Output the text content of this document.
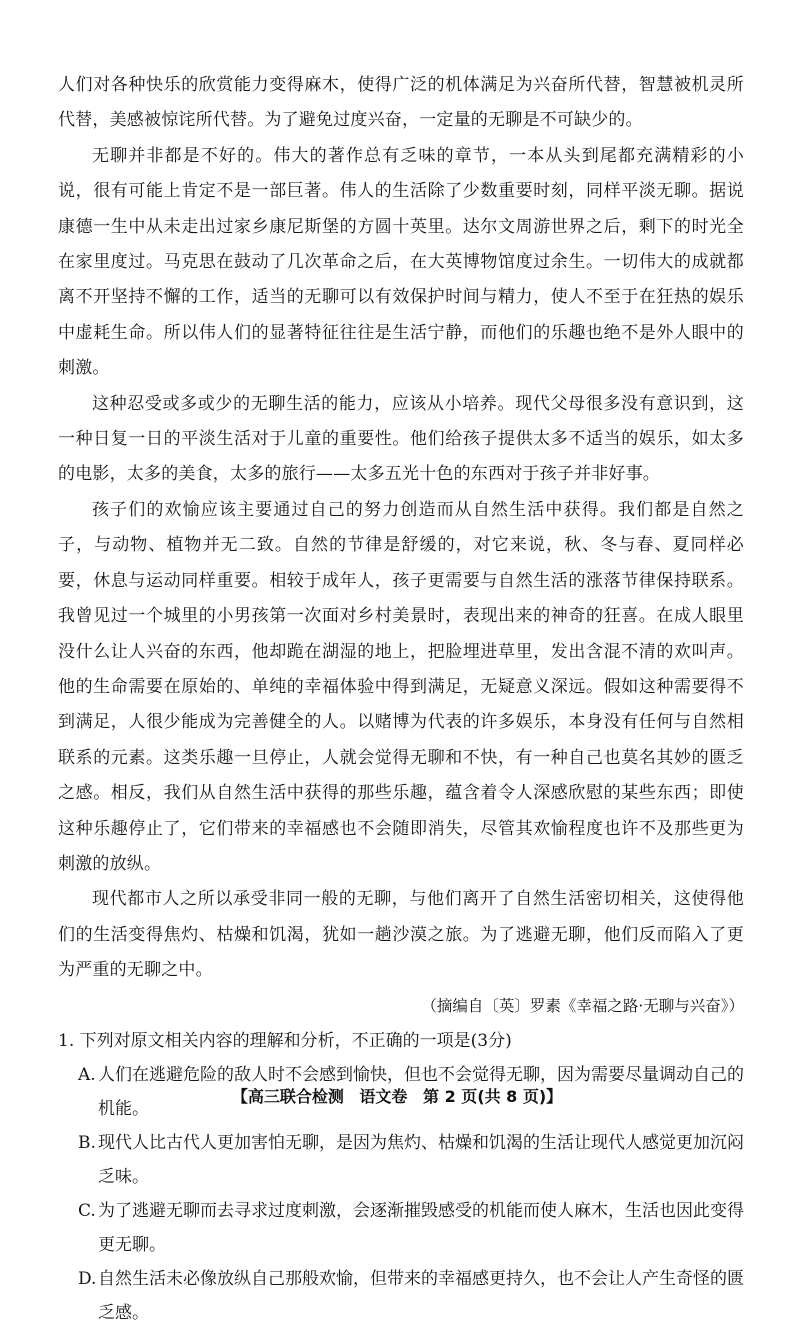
人们对各种快乐的欣赏能力变得麻木，使得广泛的机体满足为兴奋所代替，智慧被机灵所代替，美感被惊诧所代替。为了避免过度兴奋，一定量的无聊是不可缺少的。

无聊并非都是不好的。伟大的著作总有乏味的章节，一本从头到尾都充满精彩的小说，很有可能上肯定不是一部巨著。伟人的生活除了少数重要时刻，同样平淡无聊。据说康德一生中从未走出过家乡康尼斯堡的方圆十英里。达尔文周游世界之后，剩下的时光全在家里度过。马克思在鼓动了几次革命之后，在大英博物馆度过余生。一切伟大的成就都离不开坚持不懈的工作，适当的无聊可以有效保护时间与精力，使人不至于在狂热的娱乐中虚耗生命。所以伟人们的显著特征往往是生活宁静，而他们的乐趣也绝不是外人眼中的刺激。

这种忍受或多或少的无聊生活的能力，应该从小培养。现代父母很多没有意识到，这一种日复一日的平淡生活对于儿童的重要性。他们给孩子提供太多不适当的娱乐，如太多的电影，太多的美食，太多的旅行——太多五光十色的东西对于孩子并非好事。

孩子们的欢愉应该主要通过自己的努力创造而从自然生活中获得。我们都是自然之子，与动物、植物并无二致。自然的节律是舒缓的，对它来说，秋、冬与春、夏同样必要，休息与运动同样重要。相较于成年人，孩子更需要与自然生活的涨落节律保持联系。我曾见过一个城里的小男孩第一次面对乡村美景时，表现出来的神奇的狂喜。在成人眼里没什么让人兴奋的东西，他却跪在湖湿的地上，把脸埋进草里，发出含混不清的欢叫声。他的生命需要在原始的、单纯的幸福体验中得到满足，无疑意义深远。假如这种需要得不到满足，人很少能成为完善健全的人。以赌博为代表的许多娱乐，本身没有任何与自然相联系的元素。这类乐趣一旦停止，人就会觉得无聊和不快，有一种自己也莫名其妙的匮乏之感。相反，我们从自然生活中获得的那些乐趣，蕴含着令人深感欣慰的某些东西；即使这种乐趣停止了，它们带来的幸福感也不会随即消失，尽管其欢愉程度也许不及那些更为刺激的放纵。

现代都市人之所以承受非同一般的无聊，与他们离开了自然生活密切相关，这使得他们的生活变得焦灼、枯燥和饥渴，犹如一趟沙漠之旅。为了逃避无聊，他们反而陷入了更为严重的无聊之中。

（摘编自〔英〕罗素《幸福之路·无聊与兴奋》）

1. 下列对原文相关内容的理解和分析，不正确的一项是(3分)

A. 人们在逃避危险的敌人时不会感到愉快，但也不会觉得无聊，因为需要尽量调动自己的机能。
B. 现代人比古代人更加害怕无聊，是因为焦灼、枯燥和饥渴的生活让现代人感觉更加沉闷乏味。
C. 为了逃避无聊而去寻求过度刺激，会逐渐摧毁感受的机能而使人麻木，生活也因此变得更无聊。
D. 自然生活未必像放纵自己那般欢愉，但带来的幸福感更持久，也不会让人产生奇怪的匮乏感。
【高三联合检测 语文卷 第 2 页(共 8 页)】
